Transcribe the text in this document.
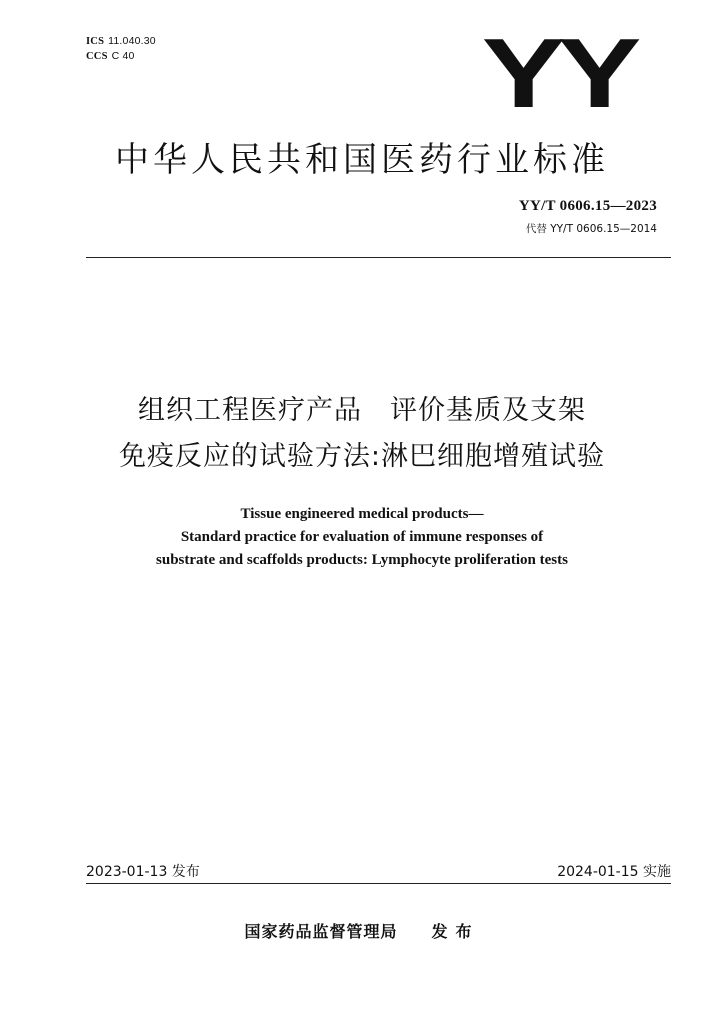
ICS 11.040.30
CCS C 40	YY
中华人民共和国医药行业标准
YY/T 0606.15—2023
代替 YY/T 0606.15—2014
组织工程医疗产品　评价基质及支架
免疫反应的试验方法:淋巴细胞增殖试验
Tissue engineered medical products—
Standard practice for evaluation of immune responses of
substrate and scaffolds products: Lymphocyte proliferation tests
2023-01-13 发布	2024-01-15 实施
国家药品监督管理局 发布
